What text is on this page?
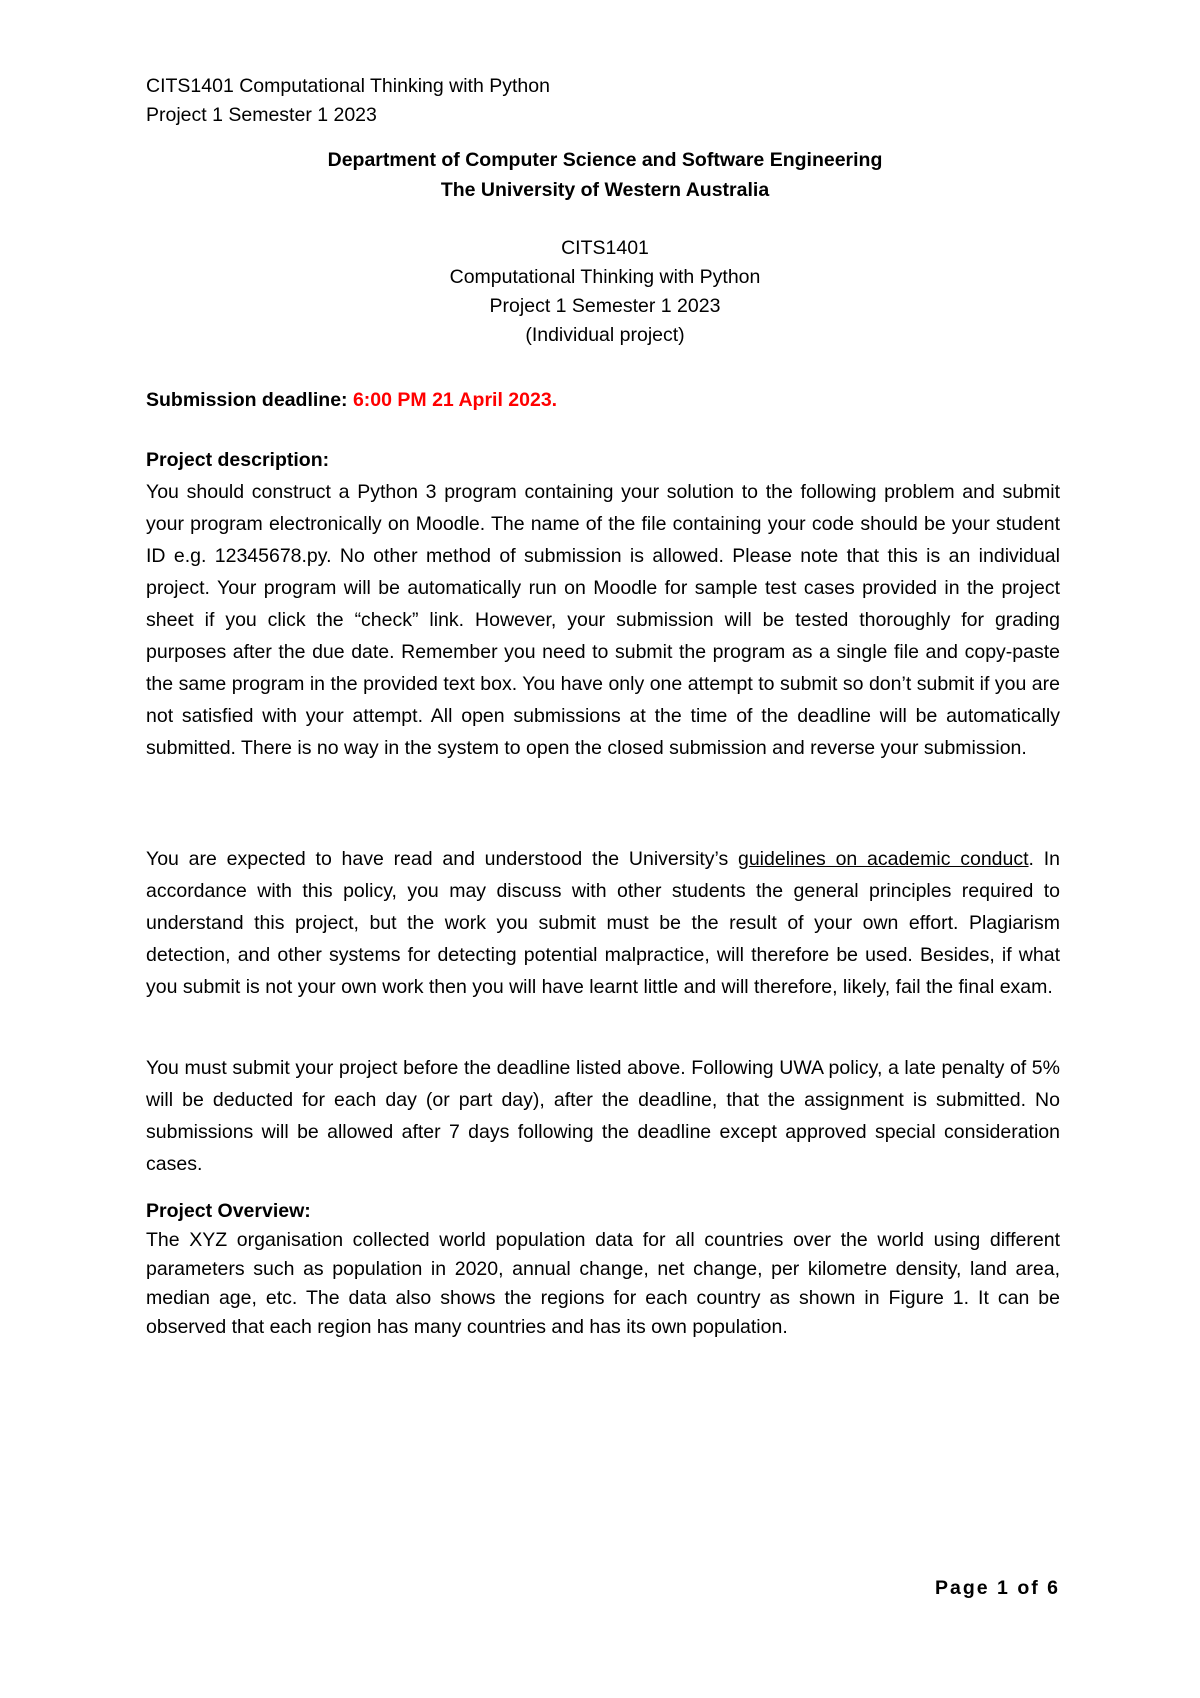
CITS1401 Computational Thinking with Python
Project 1 Semester 1 2023
Department of Computer Science and Software Engineering
The University of Western Australia
CITS1401
Computational Thinking with Python
Project 1 Semester 1 2023
(Individual project)
Submission deadline: 6:00 PM 21 April 2023.
Project description:
You should construct a Python 3 program containing your solution to the following problem and submit your program electronically on Moodle. The name of the file containing your code should be your student ID e.g. 12345678.py. No other method of submission is allowed. Please note that this is an individual project. Your program will be automatically run on Moodle for sample test cases provided in the project sheet if you click the “check” link. However, your submission will be tested thoroughly for grading purposes after the due date. Remember you need to submit the program as a single file and copy-paste the same program in the provided text box. You have only one attempt to submit so don’t submit if you are not satisfied with your attempt. All open submissions at the time of the deadline will be automatically submitted. There is no way in the system to open the closed submission and reverse your submission.
You are expected to have read and understood the University’s guidelines on academic conduct. In accordance with this policy, you may discuss with other students the general principles required to understand this project, but the work you submit must be the result of your own effort. Plagiarism detection, and other systems for detecting potential malpractice, will therefore be used. Besides, if what you submit is not your own work then you will have learnt little and will therefore, likely, fail the final exam.
You must submit your project before the deadline listed above. Following UWA policy, a late penalty of 5% will be deducted for each day (or part day), after the deadline, that the assignment is submitted. No submissions will be allowed after 7 days following the deadline except approved special consideration cases.
Project Overview:
The XYZ organisation collected world population data for all countries over the world using different parameters such as population in 2020, annual change, net change, per kilometre density, land area, median age, etc. The data also shows the regions for each country as shown in Figure 1. It can be observed that each region has many countries and has its own population.
Page 1 of 6
